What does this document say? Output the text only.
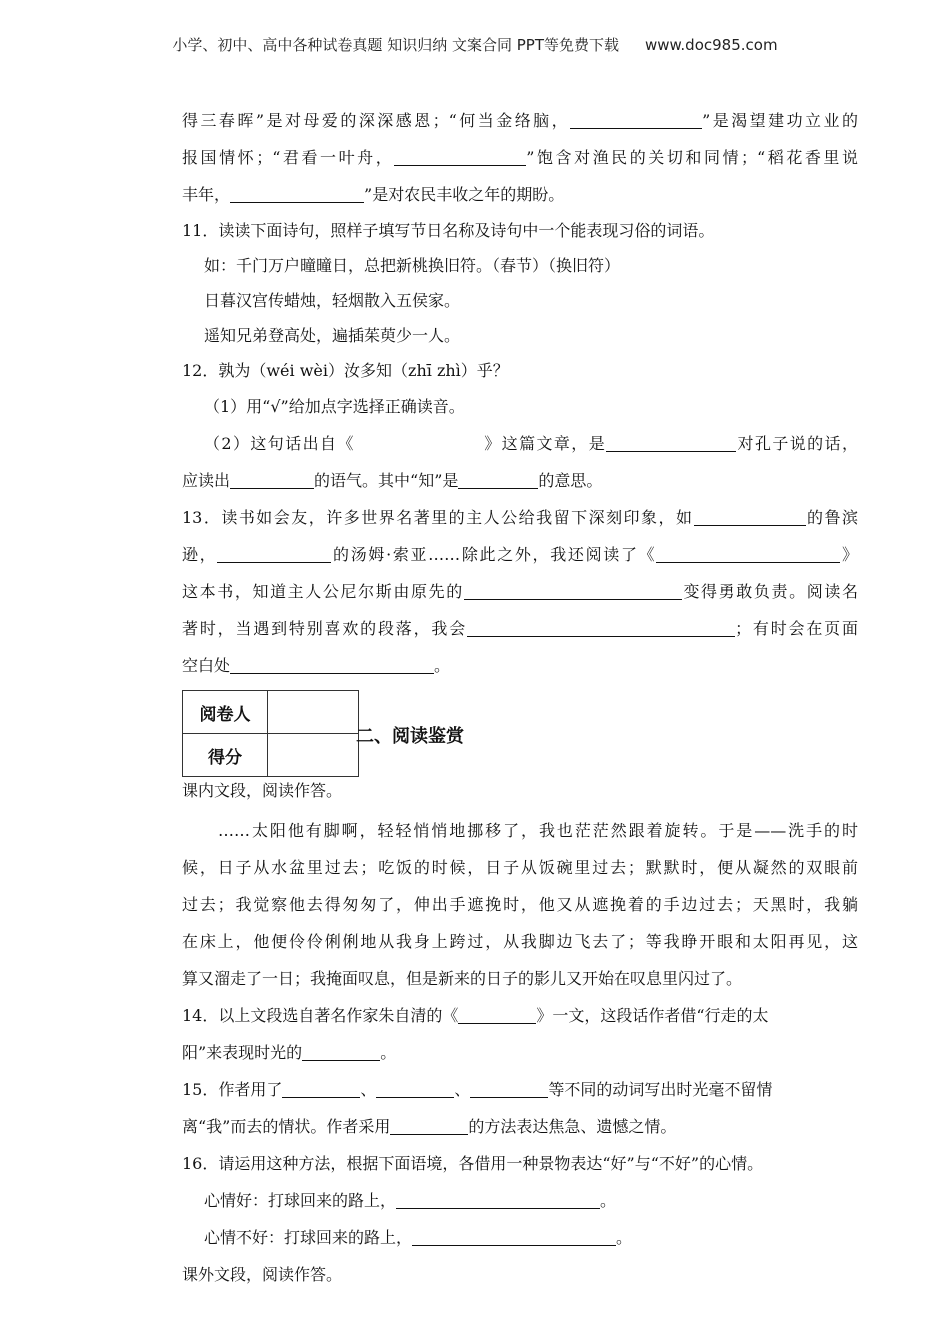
小学、初中、高中各种试卷真题 知识归纳 文案合同 PPT等免费下载 www.doc985.com
得三春晖”是对母爱的深深感恩；“何当金络脑，	”是渴望建功立业的
报国情怀；“君看一叶舟，	”饱含对渔民的关切和同情；“稻花香里说
丰年，	”是对农民丰收之年的期盼。
11．读读下面诗句，照样子填写节日名称及诗句中一个能表现习俗的词语。
如：千门万户曈曈日，总把新桃换旧符。（春节）（换旧符）
日暮汉宫传蜡烛，轻烟散入五侯家。
遥知兄弟登高处，遍插茱萸少一人。
12．孰为（wéi wèi）汝多知（zhī zhì）乎？
（1）用“√”给加点字选择正确读音。
（2）这句话出自《	》这篇文章，是	对孔子说的话，
应读出	的语气。其中“知”是	的意思。
13．读书如会友，许多世界名著里的主人公给我留下深刻印象，如	的鲁滨
逊，	的汤姆·索亚……除此之外，我还阅读了《	》
这本书，知道主人公尼尔斯由原先的	变得勇敢负责。阅读名
著时，当遇到特别喜欢的段落，我会	；有时会在页面
空白处	。
阅卷人	
得分	
二、阅读鉴赏
课内文段，阅读作答。
……太阳他有脚啊，轻轻悄悄地挪移了，我也茫茫然跟着旋转。于是——洗手的时
候，日子从水盆里过去；吃饭的时候，日子从饭碗里过去；默默时，便从凝然的双眼前
过去；我觉察他去得匆匆了，伸出手遮挽时，他又从遮挽着的手边过去；天黑时，我躺
在床上，他便伶伶俐俐地从我身上跨过，从我脚边飞去了；等我睁开眼和太阳再见，这
算又溜走了一日；我掩面叹息，但是新来的日子的影儿又开始在叹息里闪过了。
14．以上文段选自著名作家朱自清的《	》一文，这段话作者借“行走的太
阳”来表现时光的	。
15．作者用了	、	、	等不同的动词写出时光毫不留情
离“我”而去的情状。作者采用	的方法表达焦急、遗憾之情。
16．请运用这种方法，根据下面语境，各借用一种景物表达“好”与“不好”的心情。
心情好：打球回来的路上，	。
心情不好：打球回来的路上，	。
课外文段，阅读作答。
